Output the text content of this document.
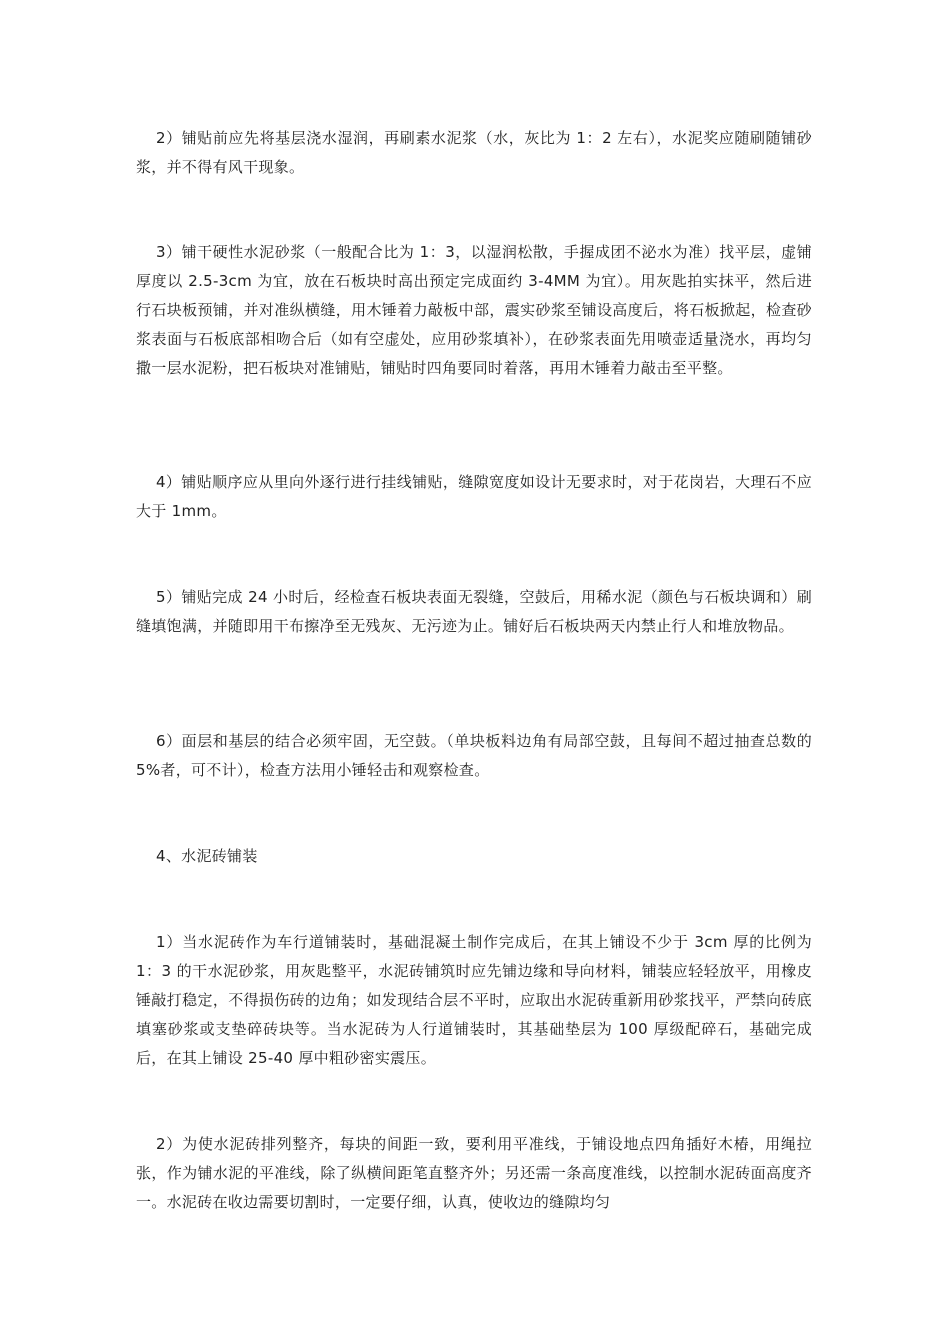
2）铺贴前应先将基层浇水湿润，再刷素水泥浆（水，灰比为 1：2 左右），水泥奖应随刷随铺砂浆，并不得有风干现象。

3）铺干硬性水泥砂浆（一般配合比为 1：3，以湿润松散，手握成团不泌水为准）找平层，虚铺厚度以 2.5-3cm 为宜，放在石板块时高出预定完成面约 3-4MM 为宜）。用灰匙拍实抹平，然后进行石块板预铺，并对准纵横缝，用木锤着力敲板中部，震实砂浆至铺设高度后，将石板掀起，检查砂浆表面与石板底部相吻合后（如有空虚处，应用砂浆填补），在砂浆表面先用喷壶适量浇水，再均匀撒一层水泥粉，把石板块对准铺贴，铺贴时四角要同时着落，再用木锤着力敲击至平整。

4）铺贴顺序应从里向外逐行进行挂线铺贴，缝隙宽度如设计无要求时，对于花岗岩，大理石不应大于 1mm。

5）铺贴完成 24 小时后，经检查石板块表面无裂缝，空鼓后，用稀水泥（颜色与石板块调和）刷缝填饱满，并随即用干布擦净至无残灰、无污迹为止。铺好后石板块两天内禁止行人和堆放物品。

6）面层和基层的结合必须牢固，无空鼓。（单块板料边角有局部空鼓，且每间不超过抽查总数的 5%者，可不计），检查方法用小锤轻击和观察检查。

4、水泥砖铺装

1）当水泥砖作为车行道铺装时，基础混凝土制作完成后，在其上铺设不少于 3cm 厚的比例为 1：3 的干水泥砂浆，用灰匙整平，水泥砖铺筑时应先铺边缘和导向材料，铺装应轻轻放平，用橡皮锤敲打稳定，不得损伤砖的边角；如发现结合层不平时，应取出水泥砖重新用砂浆找平，严禁向砖底填塞砂浆或支垫碎砖块等。当水泥砖为人行道铺装时，其基础垫层为 100 厚级配碎石，基础完成后，在其上铺设 25-40 厚中粗砂密实震压。

2）为使水泥砖排列整齐，每块的间距一致，要利用平准线，于铺设地点四角插好木椿，用绳拉张，作为铺水泥的平准线，除了纵横间距笔直整齐外；另还需一条高度准线，以控制水泥砖面高度齐一。水泥砖在收边需要切割时，一定要仔细，认真，使收边的缝隙均匀
